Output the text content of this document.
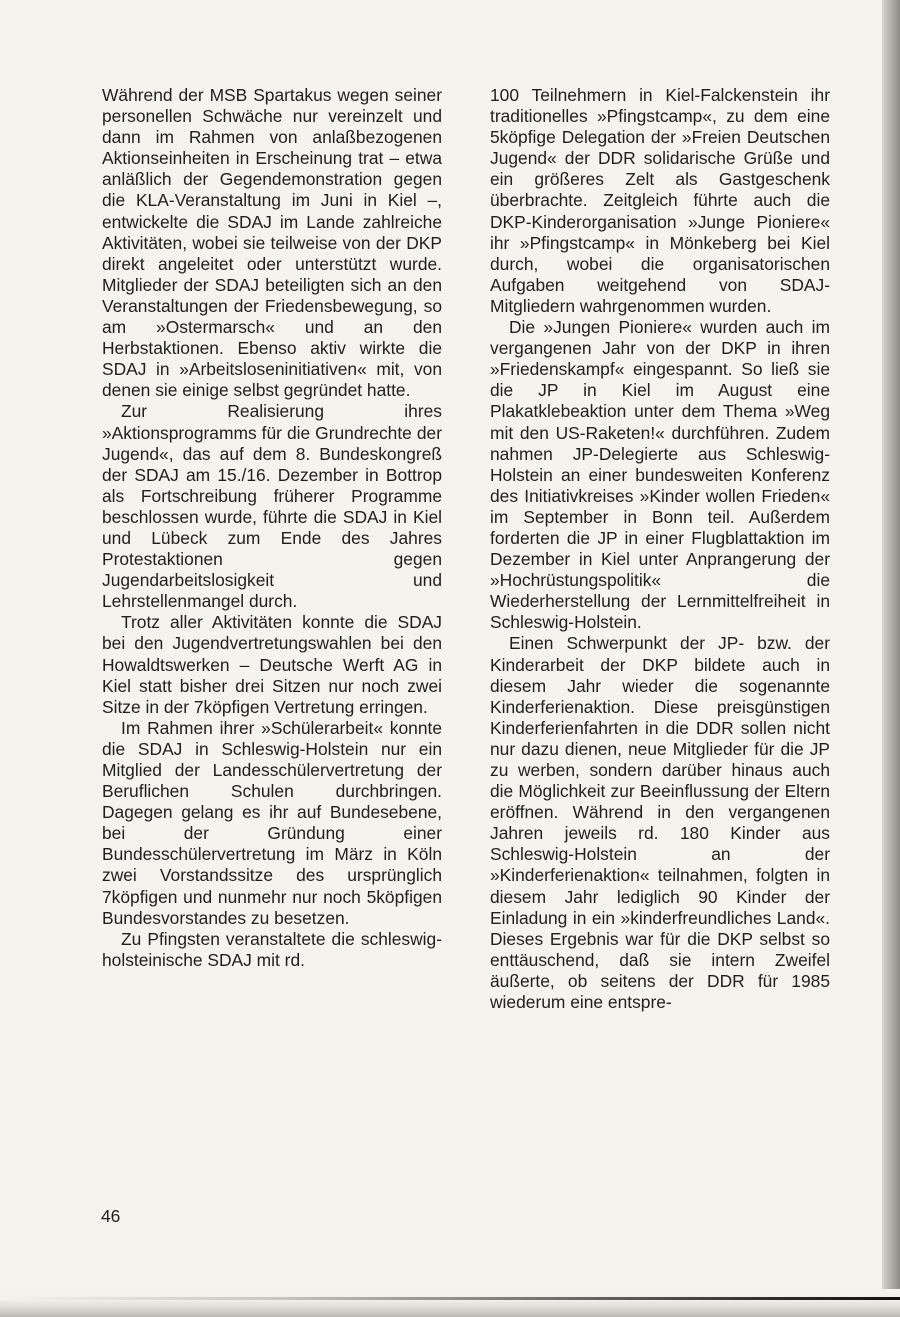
Während der MSB Spartakus wegen seiner personellen Schwäche nur vereinzelt und dann im Rahmen von anlaßbezogenen Aktionseinheiten in Erscheinung trat – etwa anläßlich der Gegendemonstration gegen die KLA-Veranstaltung im Juni in Kiel –, entwickelte die SDAJ im Lande zahlreiche Aktivitäten, wobei sie teilweise von der DKP direkt angeleitet oder unterstützt wurde. Mitglieder der SDAJ beteiligten sich an den Veranstaltungen der Friedensbewegung, so am »Ostermarsch« und an den Herbstaktionen. Ebenso aktiv wirkte die SDAJ in »Arbeitsloseninitiativen« mit, von denen sie einige selbst gegründet hatte.

Zur Realisierung ihres »Aktionsprogramms für die Grundrechte der Jugend«, das auf dem 8. Bundeskongreß der SDAJ am 15./16. Dezember in Bottrop als Fortschreibung früherer Programme beschlossen wurde, führte die SDAJ in Kiel und Lübeck zum Ende des Jahres Protestaktionen gegen Jugendarbeitslosigkeit und Lehrstellenmangel durch.

Trotz aller Aktivitäten konnte die SDAJ bei den Jugendvertretungswahlen bei den Howaldtswerken – Deutsche Werft AG in Kiel statt bisher drei Sitzen nur noch zwei Sitze in der 7köpfigen Vertretung erringen.

Im Rahmen ihrer »Schülerarbeit« konnte die SDAJ in Schleswig-Holstein nur ein Mitglied der Landesschülervertretung der Beruflichen Schulen durchbringen. Dagegen gelang es ihr auf Bundesebene, bei der Gründung einer Bundesschülervertretung im März in Köln zwei Vorstandssitze des ursprünglich 7köpfigen und nunmehr nur noch 5köpfigen Bundesvorstandes zu besetzen.

Zu Pfingsten veranstaltete die schleswig-holsteinische SDAJ mit rd.

100 Teilnehmern in Kiel-Falckenstein ihr traditionelles »Pfingstcamp«, zu dem eine 5köpfige Delegation der »Freien Deutschen Jugend« der DDR solidarische Grüße und ein größeres Zelt als Gastgeschenk überbrachte. Zeitgleich führte auch die DKP-Kinderorganisation »Junge Pioniere« ihr »Pfingstcamp« in Mönkeberg bei Kiel durch, wobei die organisatorischen Aufgaben weitgehend von SDAJ-Mitgliedern wahrgenommen wurden.

Die »Jungen Pioniere« wurden auch im vergangenen Jahr von der DKP in ihren »Friedenskampf« eingespannt. So ließ sie die JP in Kiel im August eine Plakatklebeaktion unter dem Thema »Weg mit den US-Raketen!« durchführen. Zudem nahmen JP-Delegierte aus Schleswig-Holstein an einer bundesweiten Konferenz des Initiativkreises »Kinder wollen Frieden« im September in Bonn teil. Außerdem forderten die JP in einer Flugblattaktion im Dezember in Kiel unter Anprangerung der »Hochrüstungspolitik« die Wiederherstellung der Lernmittelfreiheit in Schleswig-Holstein.

Einen Schwerpunkt der JP- bzw. der Kinderarbeit der DKP bildete auch in diesem Jahr wieder die sogenannte Kinderferienaktion. Diese preisgünstigen Kinderferienfahrten in die DDR sollen nicht nur dazu dienen, neue Mitglieder für die JP zu werben, sondern darüber hinaus auch die Möglichkeit zur Beeinflussung der Eltern eröffnen. Während in den vergangenen Jahren jeweils rd. 180 Kinder aus Schleswig-Holstein an der »Kinderferienaktion« teilnahmen, folgten in diesem Jahr lediglich 90 Kinder der Einladung in ein »kinderfreundliches Land«. Dieses Ergebnis war für die DKP selbst so enttäuschend, daß sie intern Zweifel äußerte, ob seitens der DDR für 1985 wiederum eine entspre-

46
